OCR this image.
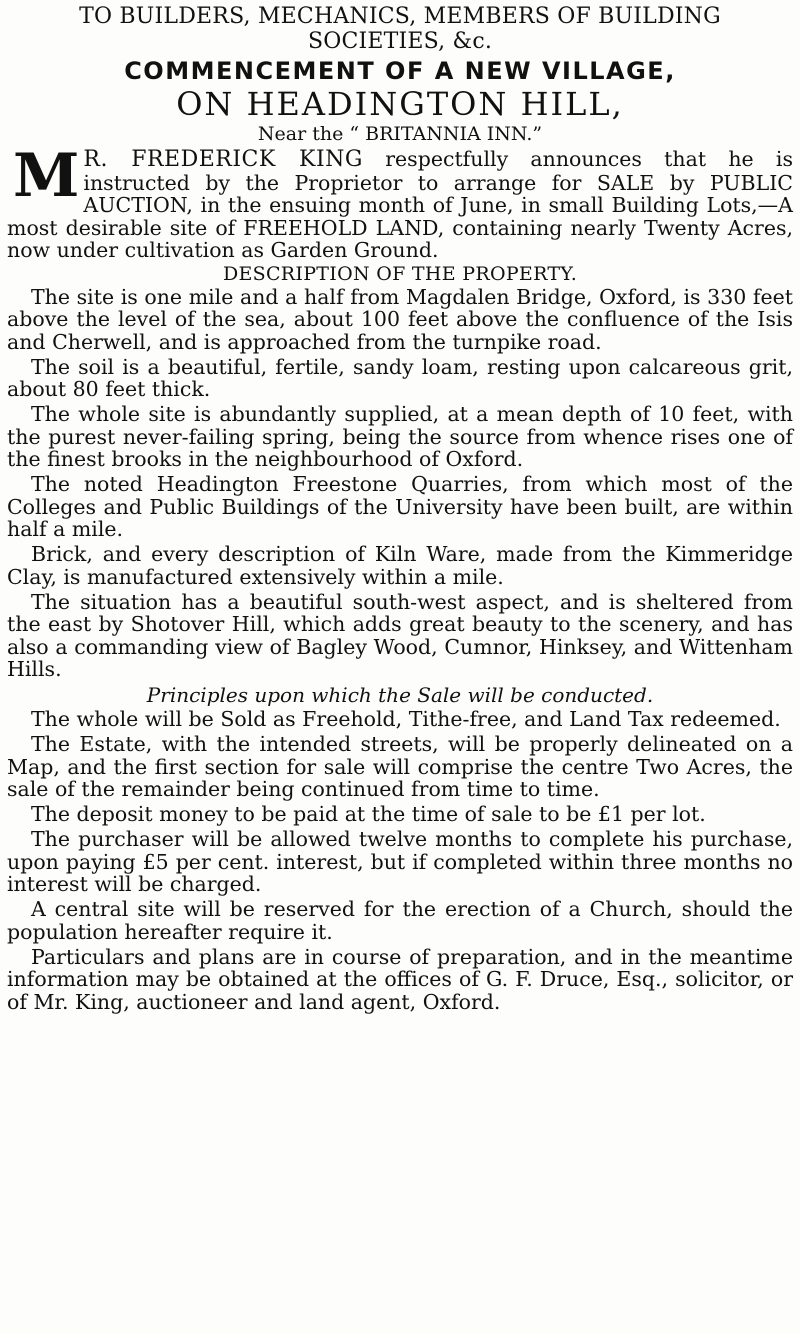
TO BUILDERS, MECHANICS, MEMBERS OF BUILDING SOCIETIES, &c.

COMMENCEMENT OF A NEW VILLAGE,

ON HEADINGTON HILL,

Near the “ BRITANNIA INN.”

M R. FREDERICK KING respectfully announces that he is instructed by the Proprietor to arrange for SALE by PUBLIC AUCTION, in the ensuing month of June, in small Building Lots,—A most desirable site of FREEHOLD LAND, containing nearly Twenty Acres, now under cultivation as Garden Ground.

DESCRIPTION OF THE PROPERTY.

The site is one mile and a half from Magdalen Bridge, Oxford, is 330 feet above the level of the sea, about 100 feet above the confluence of the Isis and Cherwell, and is approached from the turnpike road.

The soil is a beautiful, fertile, sandy loam, resting upon calcareous grit, about 80 feet thick.

The whole site is abundantly supplied, at a mean depth of 10 feet, with the purest never-failing spring, being the source from whence rises one of the finest brooks in the neighbourhood of Oxford.

The noted Headington Freestone Quarries, from which most of the Colleges and Public Buildings of the University have been built, are within half a mile.

Brick, and every description of Kiln Ware, made from the Kimmeridge Clay, is manufactured extensively within a mile.

The situation has a beautiful south-west aspect, and is sheltered from the east by Shotover Hill, which adds great beauty to the scenery, and has also a commanding view of Bagley Wood, Cumnor, Hinksey, and Wittenham Hills.

Principles upon which the Sale will be conducted.

The whole will be Sold as Freehold, Tithe-free, and Land Tax redeemed.

The Estate, with the intended streets, will be properly delineated on a Map, and the first section for sale will comprise the centre Two Acres, the sale of the remainder being continued from time to time.

The deposit money to be paid at the time of sale to be £1 per lot.

The purchaser will be allowed twelve months to complete his purchase, upon paying £5 per cent. interest, but if completed within three months no interest will be charged.

A central site will be reserved for the erection of a Church, should the population hereafter require it.

Particulars and plans are in course of preparation, and in the meantime information may be obtained at the offices of G. F. Druce, Esq., solicitor, or of Mr. King, auctioneer and land agent, Oxford.
